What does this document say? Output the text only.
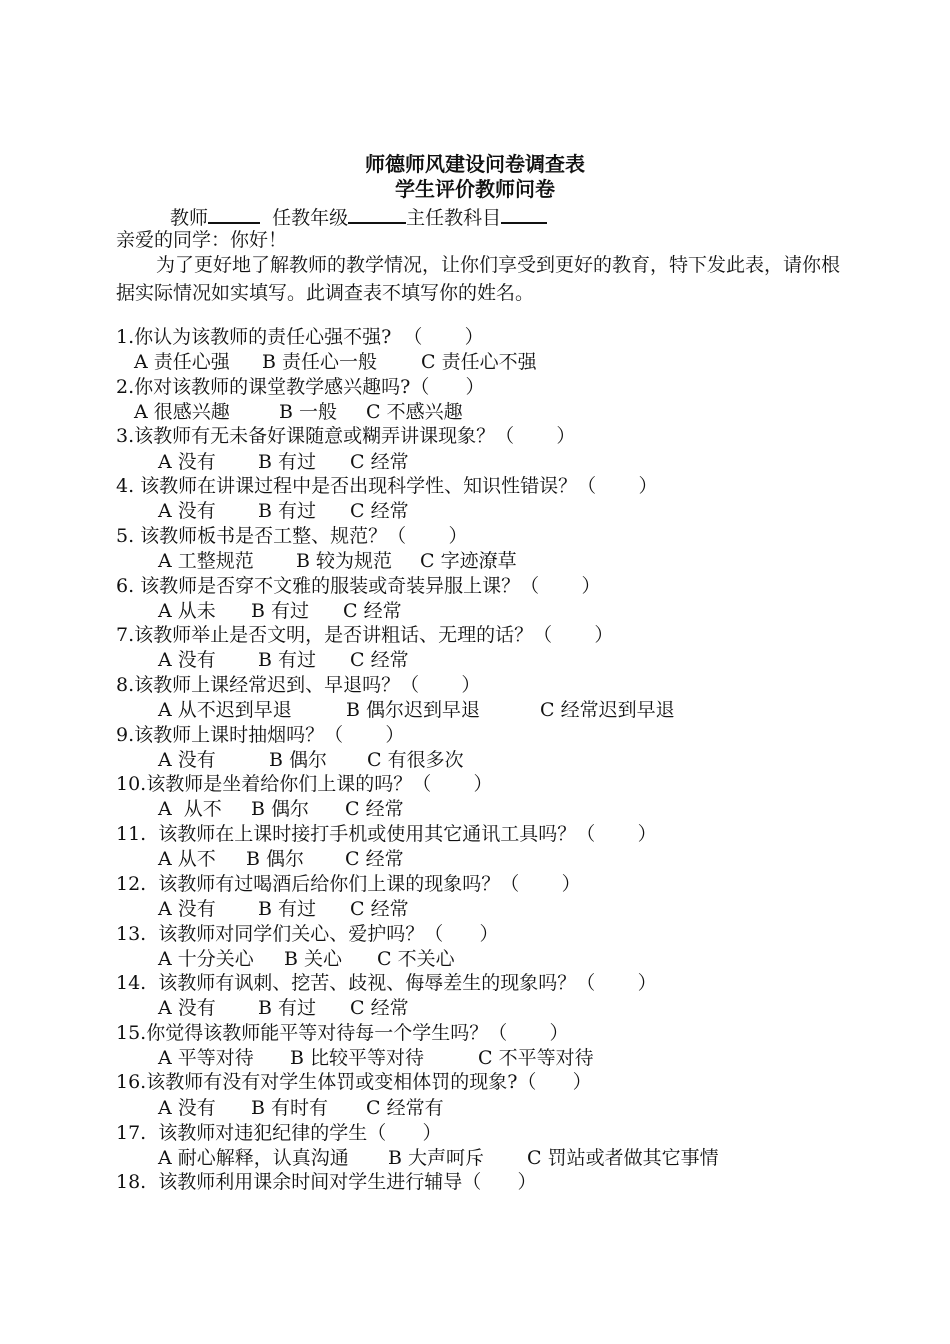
师德师风建设问卷调查表
学生评价教师问卷
教师	任教年级	主任教科目
亲爱的同学：你好！
为了更好地了解教师的教学情况，让你们享受到更好的教育，特下发此表，请你根据实际情况如实填写。此调查表不填写你的姓名。
1.你认为该教师的责任心强不强?  （       ）
A 责任心强 B 责任心一般 C 责任心不强
2.你对该教师的课堂教学感兴趣吗?（      ）
A 很感兴趣	B 一般 C 不感兴趣
3.该教师有无未备好课随意或糊弄讲课现象？（       ）
A 没有 B 有过 C 经常
4. 该教师在讲课过程中是否出现科学性、知识性错误？（       ）
A 没有 B 有过 C 经常
5. 该教师板书是否工整、规范？（       ）
A 工整规范 B 较为规范 C 字迹潦草
6. 该教师是否穿不文雅的服装或奇装异服上课？（       ）
A 从未 B 有过 C 经常
7.该教师举止是否文明，是否讲粗话、无理的话？（       ）
A 没有 B 有过 C 经常
8.该教师上课经常迟到、早退吗？（       ）
A 从不迟到早退	B 偶尔迟到早退	C 经常迟到早退
9.该教师上课时抽烟吗？（       ）
A 没有	B 偶尔 C 有很多次
10.该教师是坐着给你们上课的吗？（       ）
A  从不 B 偶尔 C 经常
11.  该教师在上课时接打手机或使用其它通讯工具吗？（       ）
A 从不 B 偶尔 C 经常
12.  该教师有过喝酒后给你们上课的现象吗？（       ）
A 没有 B 有过 C 经常
13.  该教师对同学们关心、爱护吗？（      ）
A 十分关心 B 关心 C 不关心
14.  该教师有讽刺、挖苦、歧视、侮辱差生的现象吗？（       ）
A 没有 B 有过 C 经常
15.你觉得该教师能平等对待每一个学生吗？（       ）
A 平等对待 B 比较平等对待	C 不平等对待
16.该教师有没有对学生体罚或变相体罚的现象?（      ）
A 没有 B 有时有 C 经常有
17.  该教师对违犯纪律的学生（      ）
A 耐心解释，认真沟通 B 大声呵斥 C 罚站或者做其它事情
18.  该教师利用课余时间对学生进行辅导（      ）
